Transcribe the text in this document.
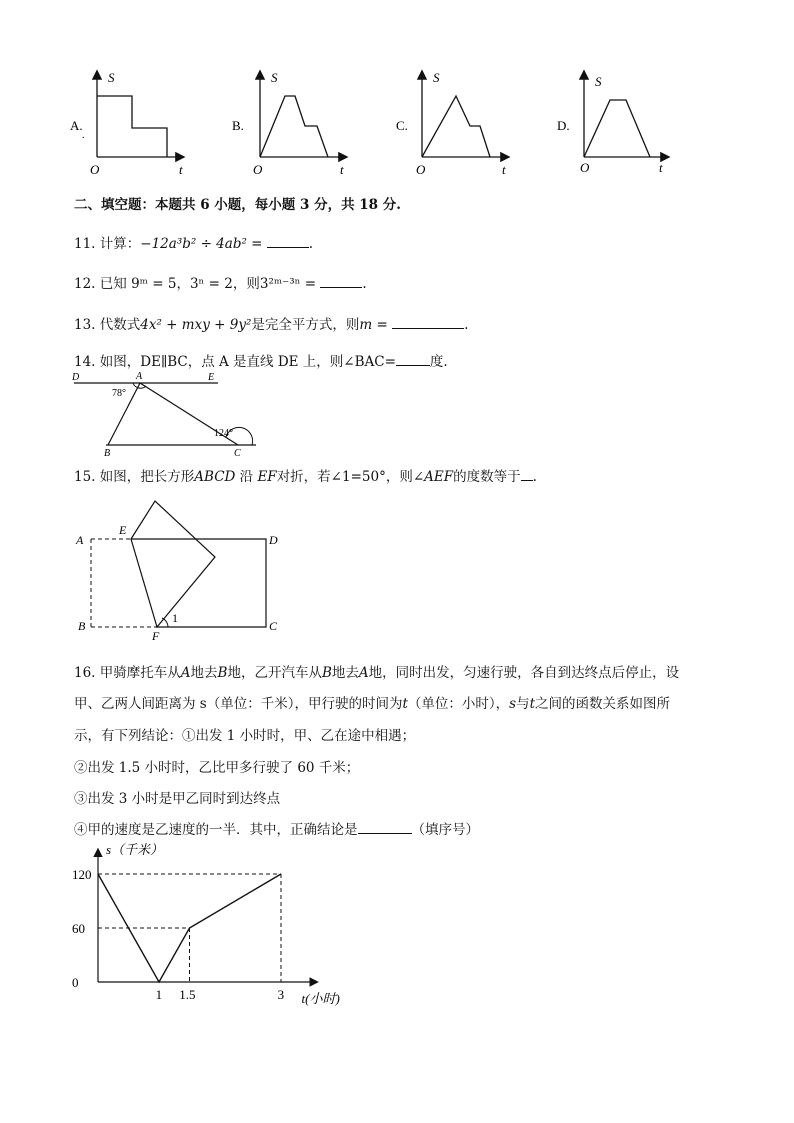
A.
.
S
t
O
B.
S
t
O
C.
S
t
O
D.
S
t
O
二、填空题：本题共 6 小题，每小题 3 分，共 18 分.
11. 计算：−12a³b² ÷ 4ab² =	.
12. 已知 9ᵐ = 5，3ⁿ = 2，则3²ᵐ⁻³ⁿ =	.
13. 代数式4x² + mxy + 9y²是完全平方式，则m =	.
14. 如图，DE∥BC，点 A 是直线 DE 上，则∠BAC=	度.
D	A	E
B	C
78°
124°
15. 如图，把长方形ABCD 沿 EF对折，若∠1=50°，则∠AEF的度数等于 .
A
E
D
B
F
C
1
16. 甲骑摩托车从A地去B地，乙开汽车从B地去A地，同时出发，匀速行驶，各自到达终点后停止，设
甲、乙两人间距离为 s（单位：千米），甲行驶的时间为t（单位：小时），s与t之间的函数关系如图所
示，有下列结论：①出发 1 小时时，甲、乙在途中相遇；
②出发 1.5 小时时，乙比甲多行驶了 60 千米；
③出发 3 小时是甲乙同时到达终点
④甲的速度是乙速度的一半．其中，正确结论是	（填序号）
0
60
120
1 1.5	3
s（千米）
t(小时)
